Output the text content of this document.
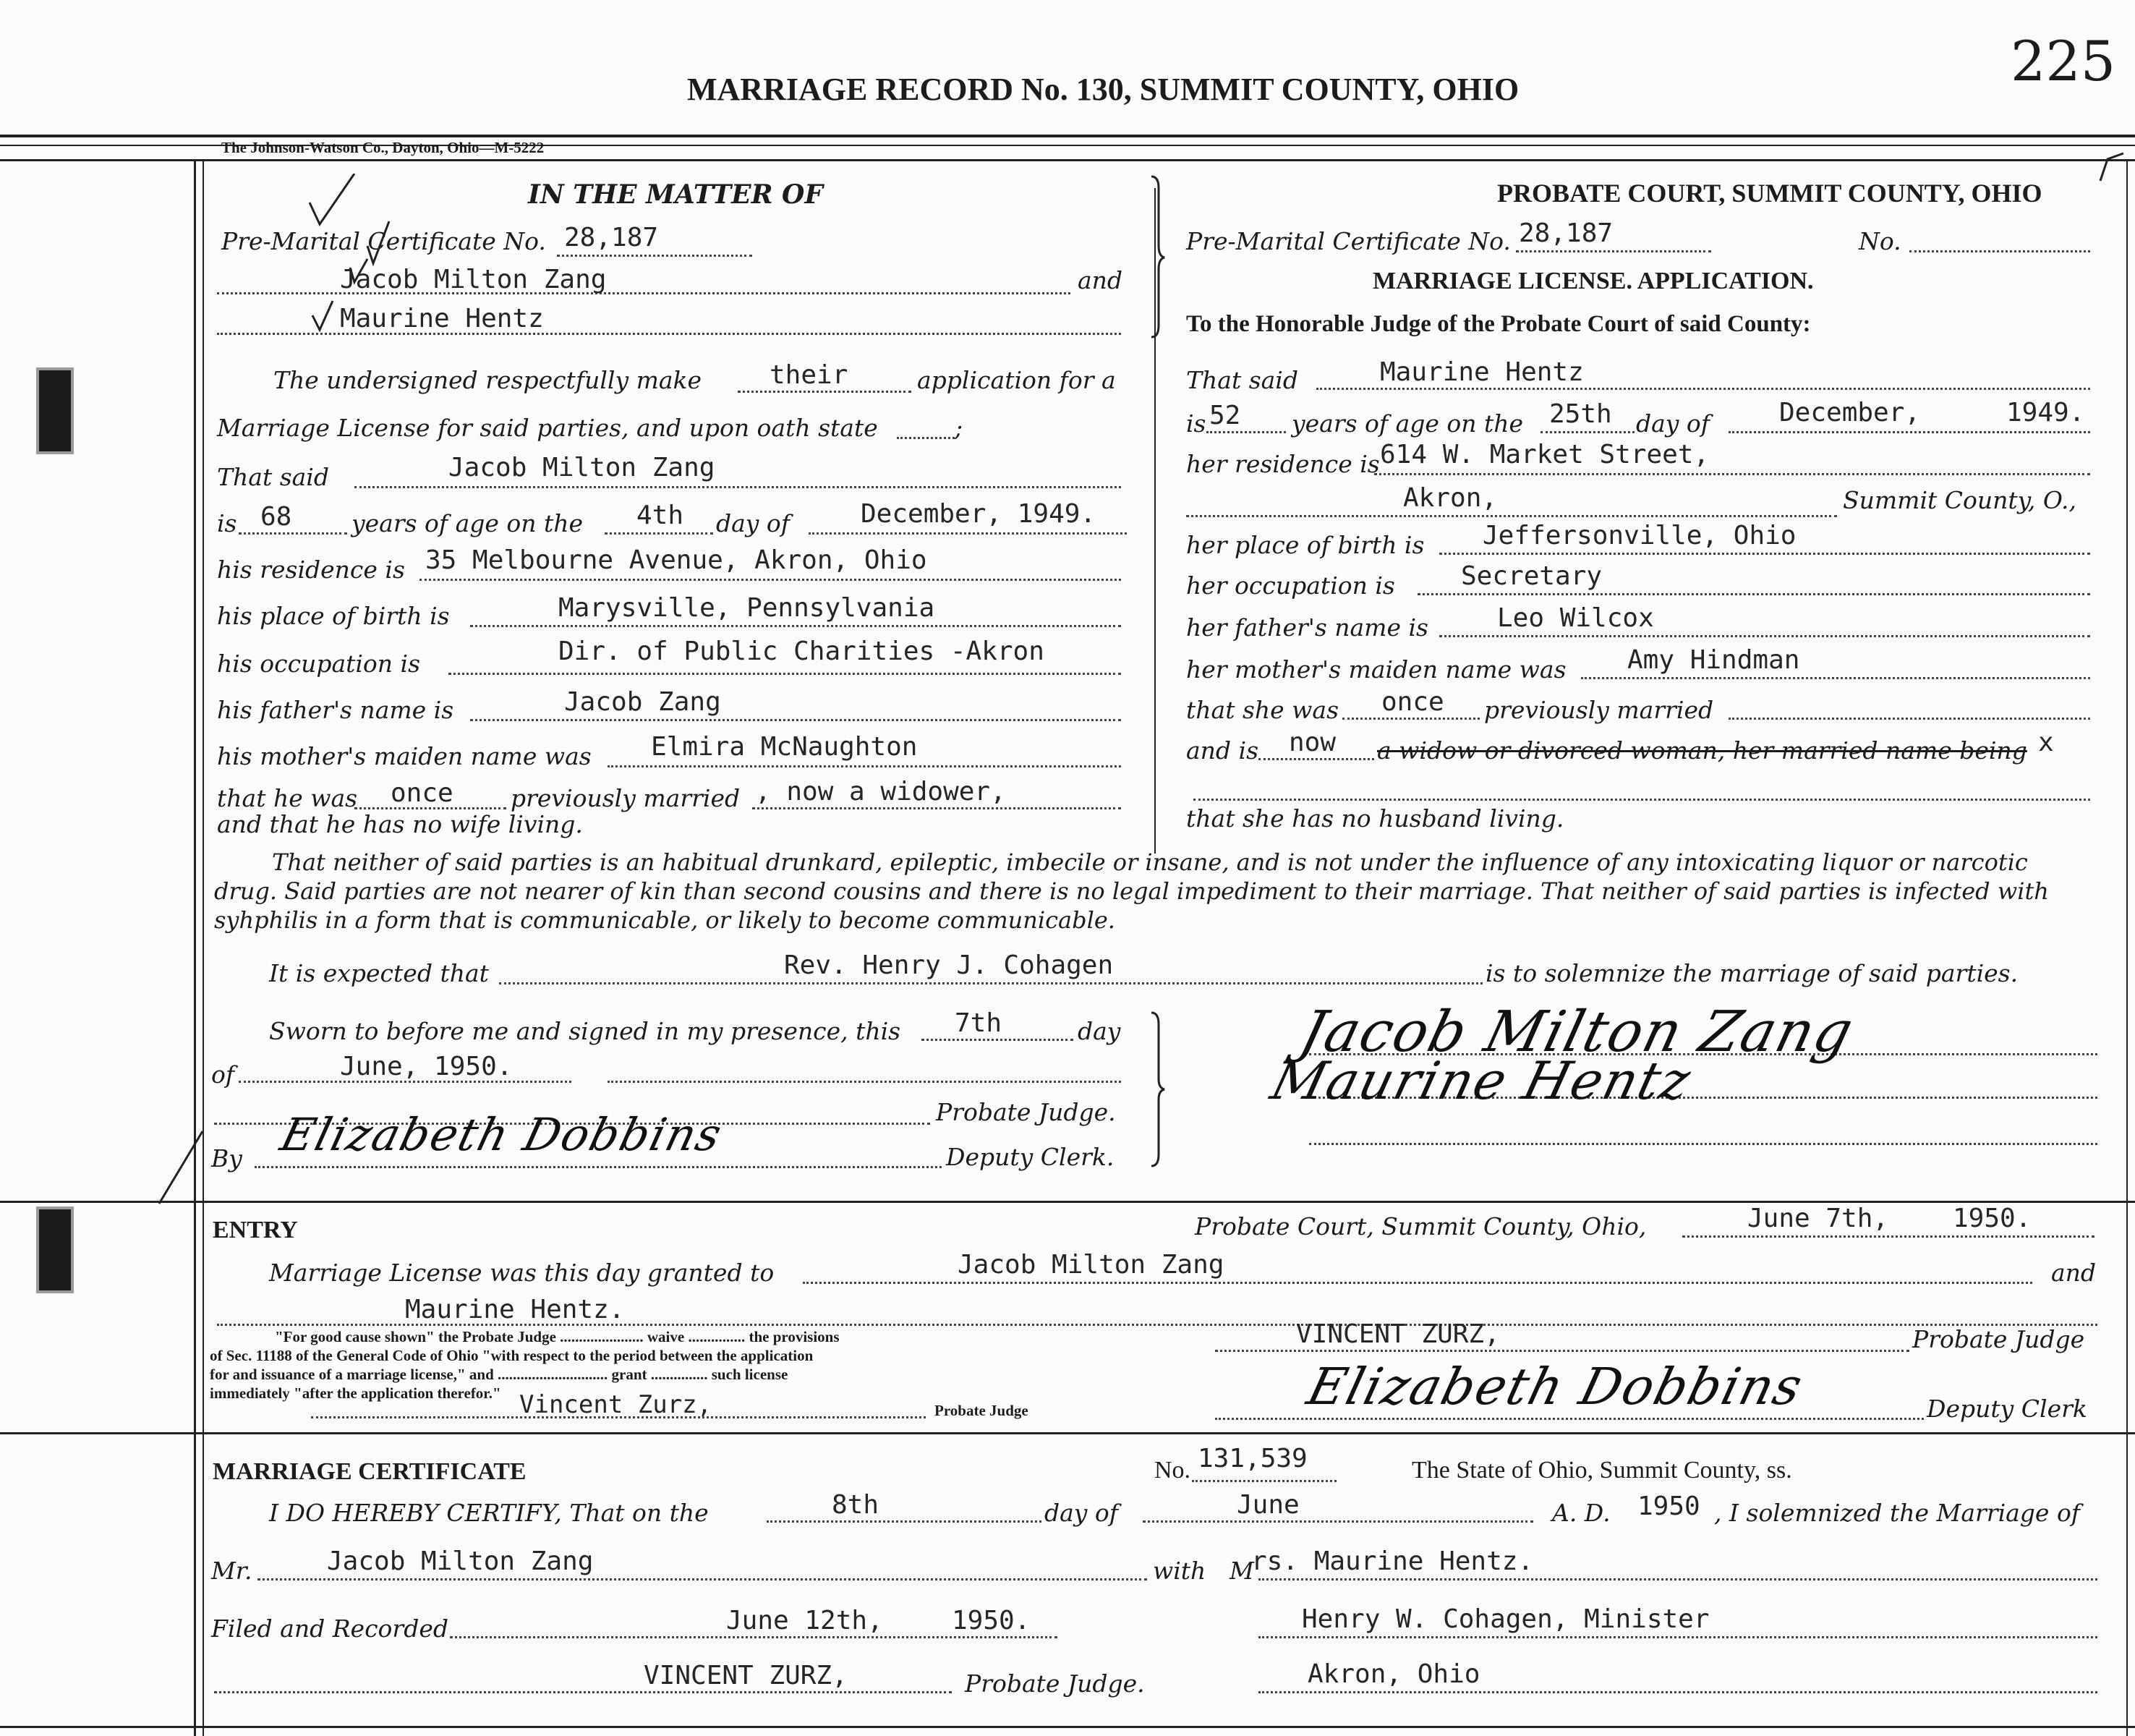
225
MARRIAGE RECORD No. 130, SUMMIT COUNTY, OHIO
The Johnson-Watson Co., Dayton, Ohio—M-5222
IN THE MATTER OF
Pre-Marital Certificate No. 28,187
Jacob Milton Zang	and
Maurine Hentz
The undersigned respectfully make	their	application for a
Marriage License for said parties, and upon oath state	;
That said	Jacob Milton Zang
is 68	years of age on the 4th day of	December, 1949.
his residence is 35 Melbourne Avenue, Akron, Ohio
his place of birth is	Marysville, Pennsylvania
his occupation is	Dir. of Public Charities -Akron
his father's name is	Jacob Zang
his mother's maiden name was Elmira McNaughton
that he was once previously married , now a widower,
and that he has no wife living.
PROBATE COURT, SUMMIT COUNTY, OHIO
Pre-Marital Certificate No. 28,187	No.
MARRIAGE LICENSE. APPLICATION.
To the Honorable Judge of the Probate Court of said County:
That said	Maurine Hentz
is 52 years of age on the 25th day of	December,	1949.
her residence is 614 W. Market Street,
Akron,	Summit County, O.,
her place of birth is Jeffersonville, Ohio
her occupation is	Secretary
her father's name is	Leo Wilcox
her mother's maiden name was Amy Hindman
that she was once previously married
and is now a widow or divorced woman, her married name being x
that she has no husband living.
That neither of said parties is an habitual drunkard, epileptic, imbecile or insane, and is not under the influence of any intoxicating liquor or narcotic drug. Said parties are not nearer of kin than second cousins and there is no legal impediment to their marriage. That neither of said parties is infected with syhphilis in a form that is communicable, or likely to become communicable.
It is expected that	Rev. Henry J. Cohagen	is to solemnize the marriage of said parties.
Sworn to before me and signed in my presence, this 7th	day
of	June, 1950.
Probate Judge.
By Elizabeth Dobbins	Deputy Clerk.
Jacob Milton Zang
Maurine Hentz
ENTRY	Probate Court, Summit County, Ohio,	June 7th, 1950.
Marriage License was this day granted to	Jacob Milton Zang	and
Maurine Hentz.
"For good cause shown" the Probate Judge ...................... waive ............... the provisions
of Sec. 11188 of the General Code of Ohio "with respect to the period between the application
for and issuance of a marriage license," and ............................. grant ............... such license
immediately "after the application therefor." Vincent Zurz,	Probate Judge
VINCENT ZURZ,	Probate Judge
Elizabeth Dobbins	Deputy Clerk
MARRIAGE CERTIFICATE	No. 131,539	The State of Ohio, Summit County, ss.
I DO HEREBY CERTIFY, That on the	8th	day of	June	A. D. 1950 , I solemnized the Marriage of
Mr.	Jacob Milton Zang	with M
rs. Maurine Hentz.
Filed and Recorded	June 12th,	1950.	Henry W. Cohagen, Minister
VINCENT ZURZ,	Probate Judge.	Akron, Ohio
